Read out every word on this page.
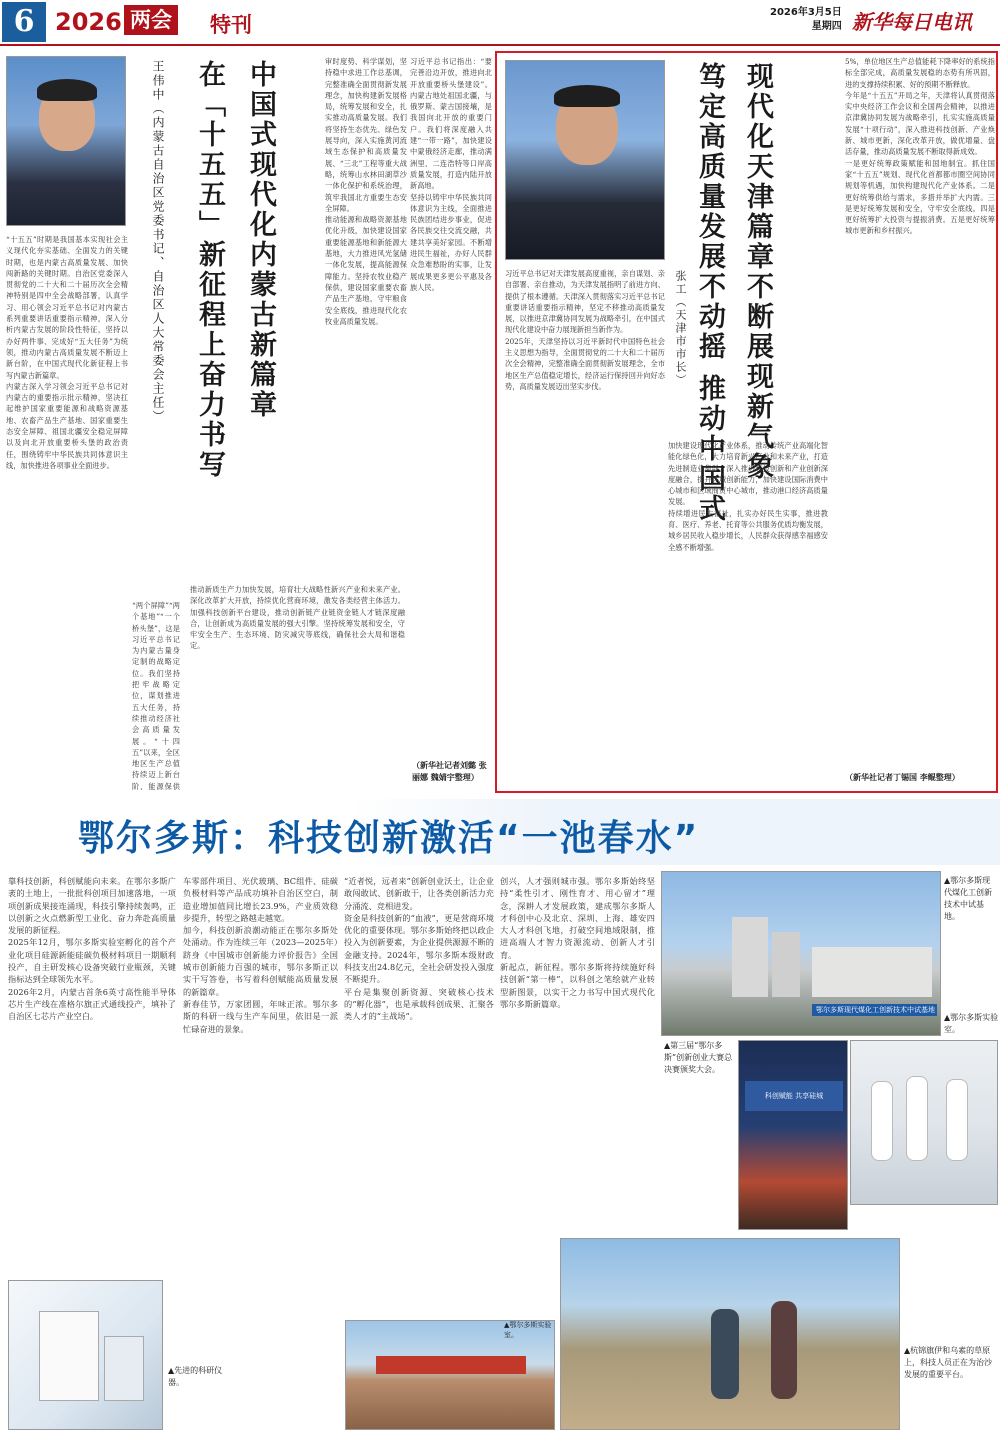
6 2026 两会 特刊	2026年3月5日
星期四 新华每日电讯
中国式现代化内蒙古新篇章
在「十五五」新征程上奋力书写
王伟中（内蒙古自治区党委书记、自治区人大常委会主任）
“十五五”时期是我国基本实现社会主义现代化夯实基础、全面发力的关键时期，也是内蒙古高质量发展、加快闯新路的关键时期。自治区党委深入贯彻党的二十大和二十届历次全会精神特别是四中全会战略部署，认真学习、用心领会习近平总书记对内蒙古系列重要讲话重要指示精神，深入分析内蒙古发展的阶段性特征，坚持以办好两件事、完成好“五大任务”为统领，推动内蒙古高质量发展不断迈上新台阶，在中国式现代化新征程上书写内蒙古新篇章。
内蒙古深入学习领会习近平总书记对内蒙古的重要指示批示精神，坚决扛起维护国家重要能源和战略资源基地、农畜产品生产基地、国家重要生态安全屏障、祖国北疆安全稳定屏障以及向北开放重要桥头堡的政治责任，围绕铸牢中华民族共同体意识主线，加快推进各项事业全面进步。
“两个屏障”“两个基地”“一个桥头堡”，这是习近平总书记为内蒙古量身定制的战略定位。我们坚持把牢战略定位，谋划推进五大任务，持续推动经济社会高质量发展。“十四五”以来，全区地区生产总值持续迈上新台阶，能源保供

审时度势、科学谋划，坚持稳中求进工作总基调，完整准确全面贯彻新发展理念，加快构建新发展格局，统筹发展和安全，扎实推动高质量发展。我们将坚持生态优先、绿色发展导向，深入实施黄河流域生态保护和高质量发展、“三北”工程等重大战略，统筹山水林田湖草沙一体化保护和系统治理，筑牢我国北方重要生态安全屏障。
推动能源和战略资源基地优化升级，加快建设国家重要能源基地和新能源大基地，大力推进风光氢储一体化发展，提高能源保障能力。坚持农牧业稳产保供，建设国家重要农畜产品生产基地，守牢粮食安全底线，推进现代化农牧业高质量发展。
习近平总书记指出：“要完善沿边开放，推进向北开放重要桥头堡建设”。内蒙古地处祖国北疆，与俄罗斯、蒙古国接壤，是我国向北开放的重要门户。我们将深度融入共建“一带一路”，加快建设中蒙俄经济走廊，推动满洲里、二连浩特等口岸高质量发展，打造内陆开放新高地。
坚持以铸牢中华民族共同体意识为主线，全面推进民族团结进步事业，促进各民族交往交流交融，共建共享美好家园。不断增进民生福祉，办好人民群众急难愁盼的实事，让发展成果更多更公平惠及各族人民。
推动新质生产力加快发展，培育壮大战略性新兴产业和未来产业。深化改革扩大开放，持续优化营商环境，激发各类经营主体活力。加强科技创新平台建设，推动创新链产业链资金链人才链深度融合，让创新成为高质量发展的强大引擎。坚持统筹发展和安全，守牢安全生产、生态环境、防灾减灾等底线，确保社会大局和谐稳定。
（新华社记者刘懿 张丽娜 魏婧宇整理）
现代化天津篇章不断展现新气象
笃定高质量发展不动摇 推动中国式
张工（天津市市长）
习近平总书记对天津发展高度重视，亲自谋划、亲自部署、亲自推动，为天津发展指明了前进方向、提供了根本遵循。天津深入贯彻落实习近平总书记重要讲话重要指示精神，坚定不移推动高质量发展，以推进京津冀协同发展为战略牵引，在中国式现代化建设中奋力展现新担当新作为。
2025年，天津坚持以习近平新时代中国特色社会主义思想为指导，全面贯彻党的二十大和二十届历次全会精神，完整准确全面贯彻新发展理念，全市地区生产总值稳定增长，经济运行保持回升向好态势，高质量发展迈出坚实步伐。
加快建设现代化产业体系，推动传统产业高端化智能化绿色化，大力培育新兴产业和未来产业，打造先进制造业集群。深入推进科技创新和产业创新深度融合，提升区域创新能力，加快建设国际消费中心城市和区域商贸中心城市，推动港口经济高质量发展。
持续增进民生福祉，扎实办好民生实事，推进教育、医疗、养老、托育等公共服务优质均衡发展，城乡居民收入稳步增长，人民群众获得感幸福感安全感不断增强。
5%，单位地区生产总值能耗下降率好的系统指标全部完成，高质量发展稳的态势有所巩固，进的支撑持续积累、好的预期不断释放。
今年是“十五五”开局之年，天津将认真贯彻落实中央经济工作会议和全国两会精神，以推进京津冀协同发展为战略牵引，扎实实施高质量发展“十项行动”，深入推进科技创新、产业焕新、城市更新，深化改革开放，做优增量、盘活存量，推动高质量发展不断取得新成效。
一是更好统筹政策赋能和国地制宜。抓住国家“十五五”规划、现代化首都都市圈空间协同规划等机遇，加快构建现代化产业体系。二是更好统筹供给与需求，多措并举扩大内需。三是更好统筹发展和安全，守牢安全底线。四是更好统筹扩大投资与提振消费。五是更好统筹城市更新和乡村振兴。
（新华社记者丁锡国 李鲲整理）
鄂尔多斯：科技创新激活“一池春水”
靠科技创新，科创赋能向未来。在鄂尔多斯广袤的土地上，一批批科创项目加速落地，一项项创新成果接连涌现，科技引擎持续轰鸣，正以创新之火点燃新型工业化、奋力奔赴高质量发展的新征程。
2025年12月，鄂尔多斯实验室孵化的首个产业化项目硅源新能硅碳负极材料项目一期顺利投产，自主研发核心设备突破行业瓶颈，关键指标达到全球领先水平。
2026年2月，内蒙古首条6英寸高性能半导体芯片生产线在准格尔旗正式通线投产，填补了自治区七芯片产业空白。
车零部件项目、光伏玻璃、BC组件、硅碳负极材料等产品成功填补自治区空白，制造业增加值同比增长23.9%，产业质效稳步提升，转型之路越走越宽。
加今，科技创新浪潮动能正在鄂尔多斯处处涌动。作为连续三年（2023—2025年）跻身《中国城市创新能力评价报告》全国城市创新能力百强的城市，鄂尔多斯正以实干写答卷，书写着科创赋能高质量发展的新篇章。
新春佳节，万家团圆，年味正浓。鄂尔多斯的科研一线与生产车间里，依旧是一派忙碌奋进的景象。
“近者悦，远者来”创新创业沃土，让企业敢闯敢试、创新敢干，让各类创新活力充分涌流、竞相进发。
资金是科技创新的“血液”，更是营商环境优化的重要体现。鄂尔多斯始终把以政企投入为创新要素，为企业提供源源不断的金融支持。2024年，鄂尔多斯本级财政科技支出24.8亿元，全社会研发投入强度不断提升。
平台是集聚创新资源、突破核心技术的“孵化器”，也是承载科创成果、汇聚各类人才的“主战场”。
创兴，人才强则城市强。鄂尔多斯始终坚持“柔性引才、刚性育才、用心留才”理念，深耕人才发展政策，建成鄂尔多斯人才科创中心及北京、深圳、上海、雄安四大人才科创飞地，打破空间地域限制，推进高端人才智力资源流动、创新人才引育。
新起点，新征程。鄂尔多斯将持续施好科技创新“第一棒”，以科创之笔绘就产业转型新图景，以实干之力书写中国式现代化鄂尔多斯新篇章。
鄂尔多斯现代煤化工创新技术中试基地
▲鄂尔多斯现代煤化工创新技术中试基地。
▲第三届“鄂尔多斯”创新创业大赛总决赛颁奖大会。
科创赋能 共享硅城
▲鄂尔多斯实验室。
▲先进的科研仪器。
▲鄂尔多斯实验室。
▲杭锦旗伊和乌素的草原上，科技人员正在为治沙发展的重要平台。
